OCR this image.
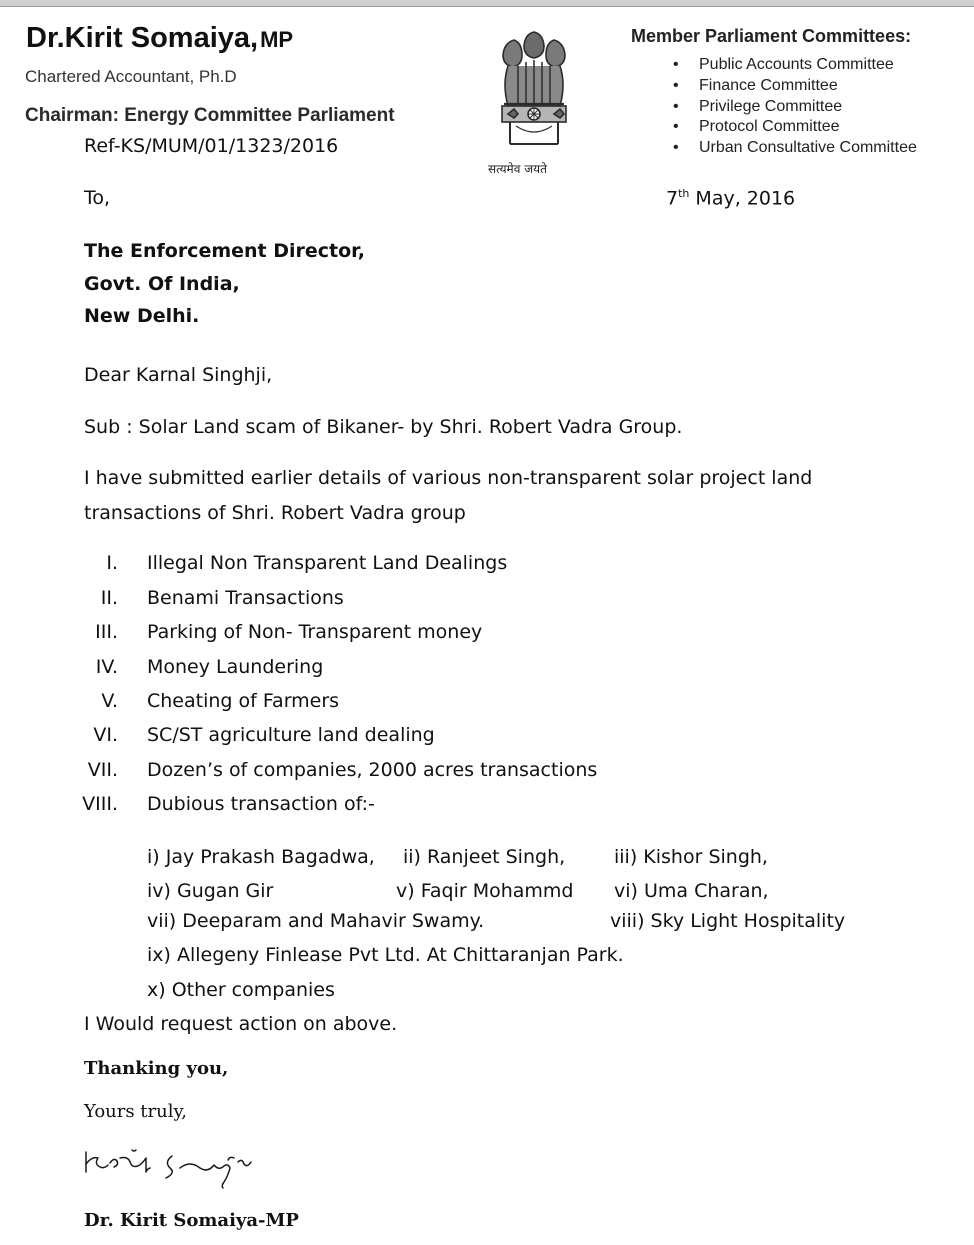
Dr.Kirit Somaiya,MP
Chartered Accountant, Ph.D
Chairman: Energy Committee Parliament
सत्यमेव जयते
Member Parliament Committees:
• Public Accounts Committee
• Finance Committee
• Privilege Committee
• Protocol Committee
• Urban Consultative Committee
Ref-KS/MUM/01/1323/2016
To,	7th May, 2016
The Enforcement Director,
Govt. Of India,
New Delhi.
Dear Karnal Singhji,
Sub : Solar Land scam of Bikaner- by Shri. Robert Vadra Group.
I have submitted earlier details of various non-transparent solar project land
transactions of Shri. Robert Vadra group
I. Illegal Non Transparent Land Dealings
II. Benami Transactions
III. Parking of Non- Transparent money
IV. Money Laundering
V. Cheating of Farmers
VI. SC/ST agriculture land dealing
VII. Dozen’s of companies, 2000 acres transactions
VIII. Dubious transaction of:-
i) Jay Prakash Bagadwa, ii) Ranjeet Singh,	iii) Kishor Singh,
iv) Gugan Gir	v) Faqir Mohammd vi) Uma Charan,
vii) Deeparam and Mahavir Swamy.	viii) Sky Light Hospitality
ix) Allegeny Finlease Pvt Ltd. At Chittaranjan Park.
x) Other companies
I Would request action on above.
Thanking you,
Yours truly,
Dr. Kirit Somaiya-MP
